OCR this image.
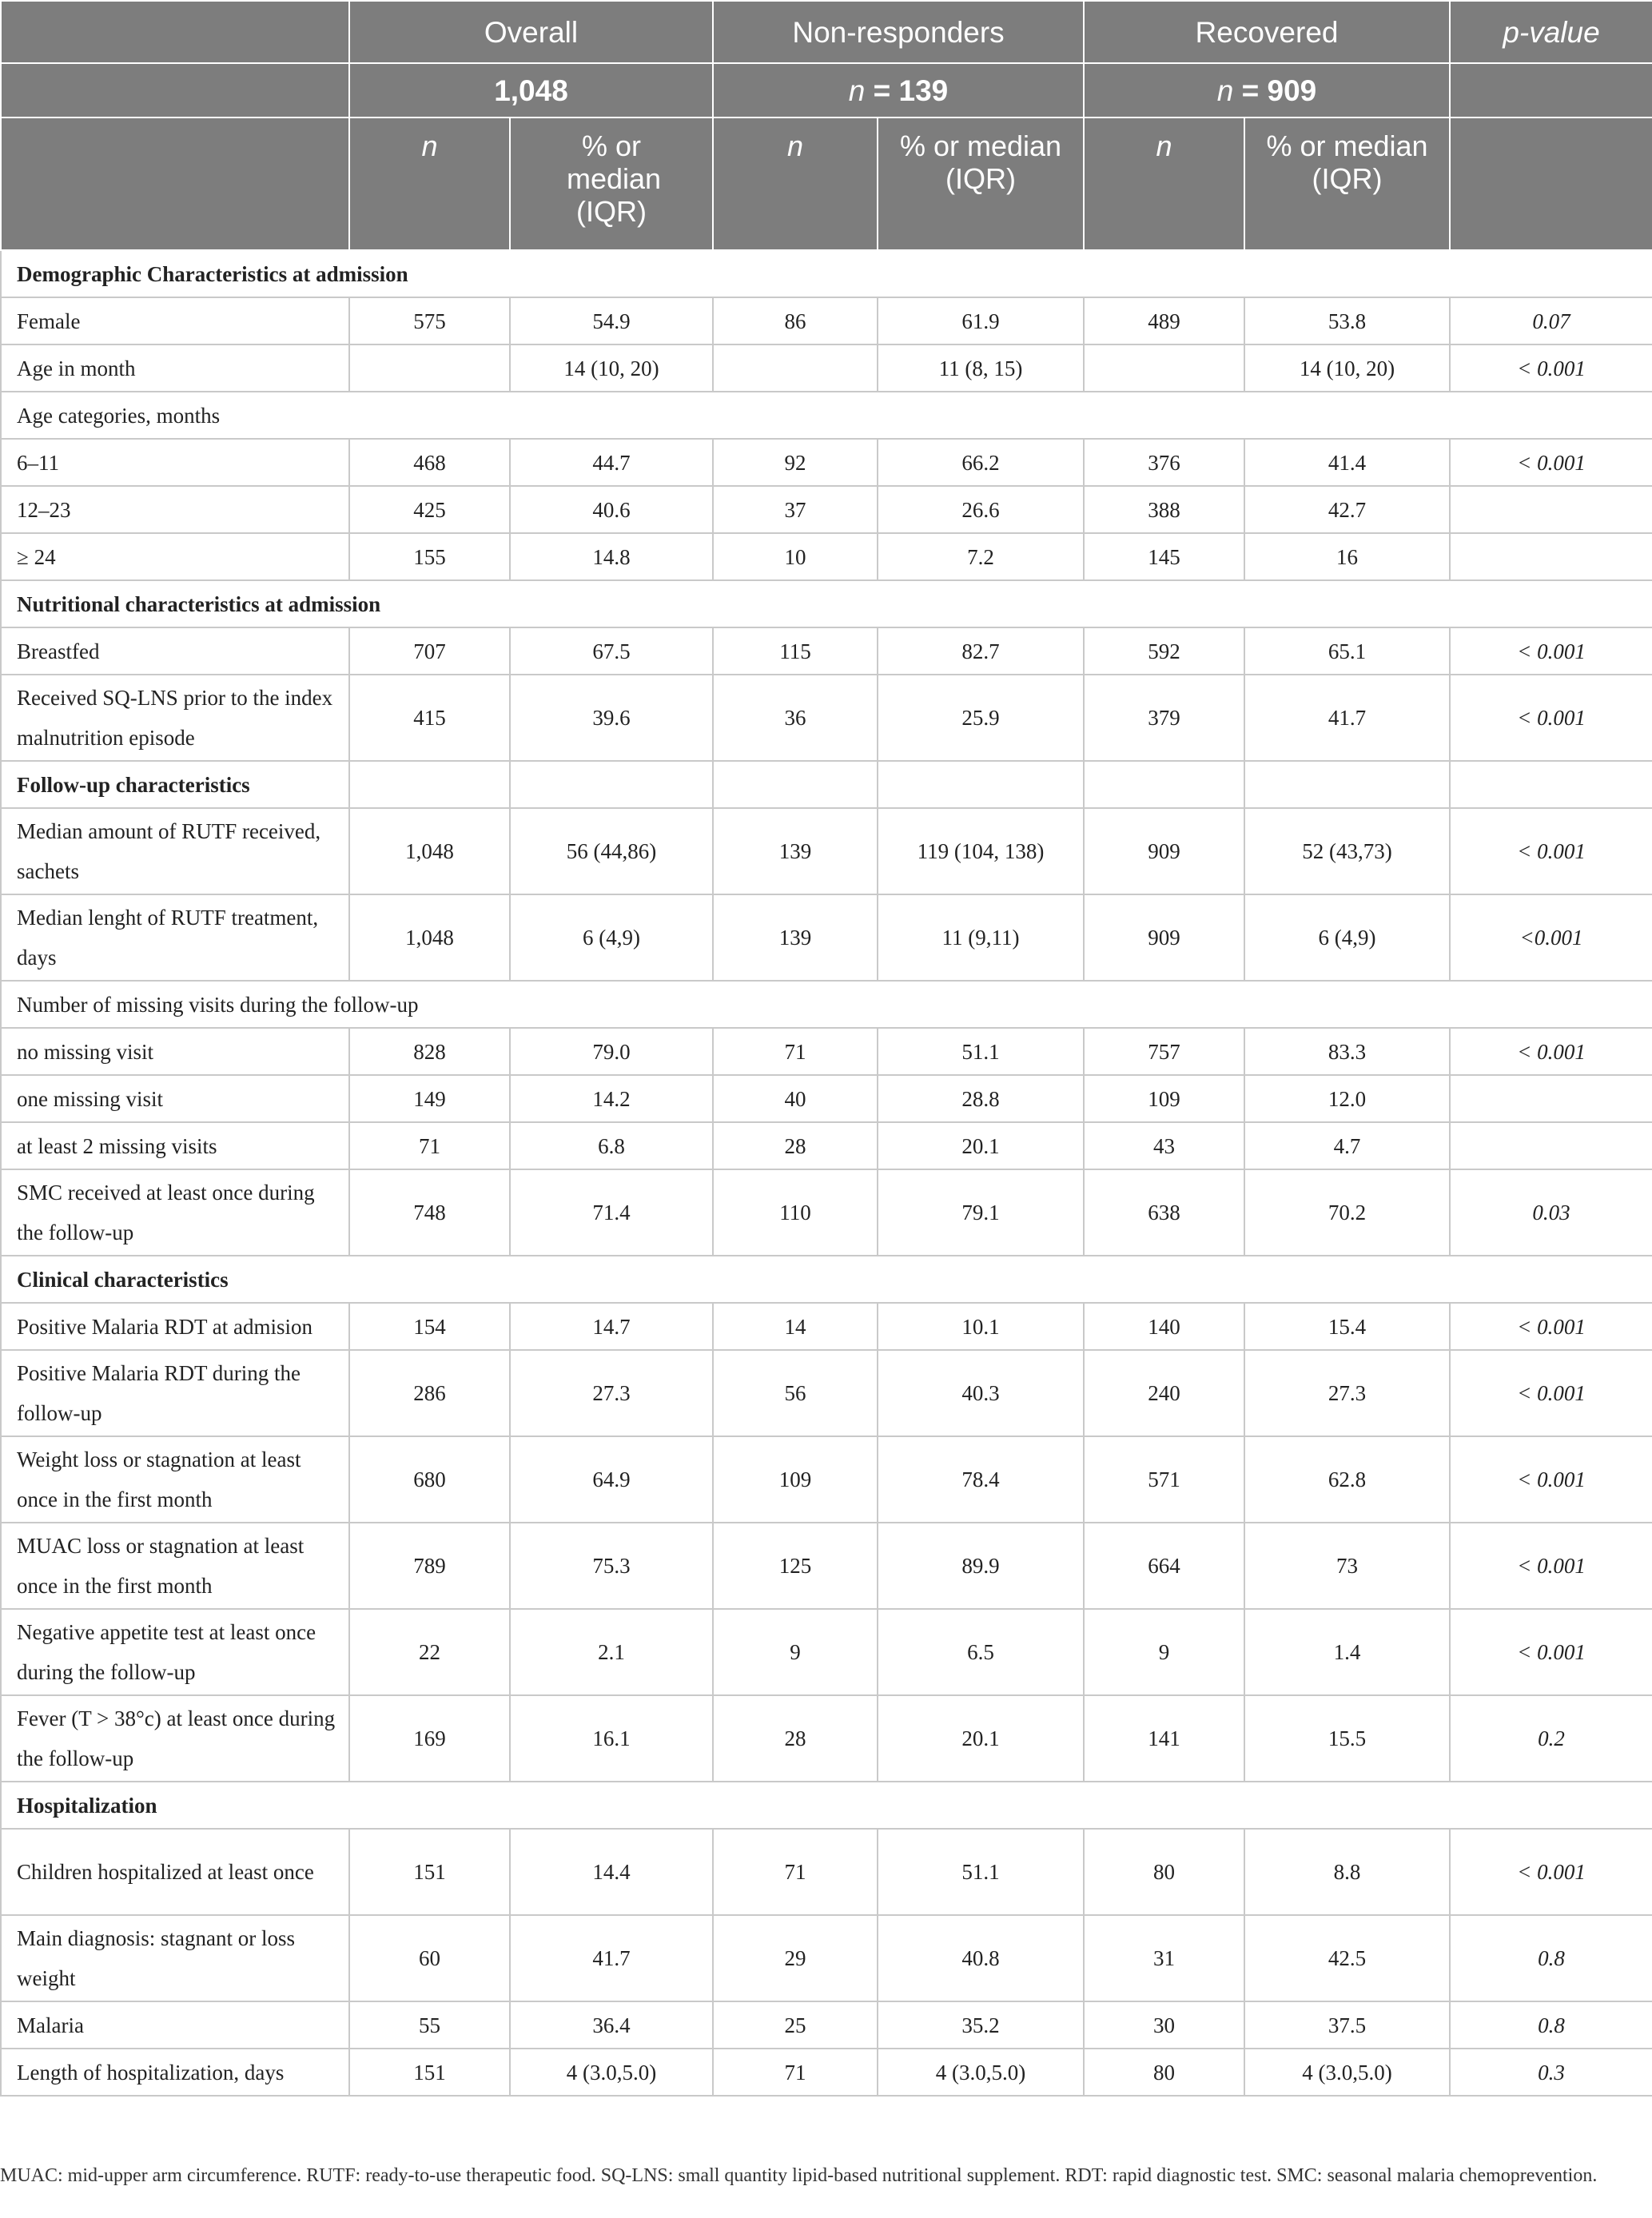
	Overall		Non-responders		Recovered		p-value
	1,048		n = 139		n = 909		
	n	% or median (IQR)	n	% or median (IQR)	n	% or median (IQR)	
Demographic Characteristics at admission							
Female	575	54.9	86	61.9	489	53.8	0.07
Age in month		14 (10, 20)		11 (8, 15)		14 (10, 20)	< 0.001
Age categories, months							
6–11	468	44.7	92	66.2	376	41.4	< 0.001
12–23	425	40.6	37	26.6	388	42.7	
≥ 24	155	14.8	10	7.2	145	16	
Nutritional characteristics at admission							
Breastfed	707	67.5	115	82.7	592	65.1	< 0.001
Received SQ-LNS prior to the index malnutrition episode	415	39.6	36	25.9	379	41.7	< 0.001
Follow-up characteristics							
Median amount of RUTF received, sachets	1,048	56 (44,86)	139	119 (104, 138)	909	52 (43,73)	< 0.001
Median lenght of RUTF treatment, days	1,048	6 (4,9)	139	11 (9,11)	909	6 (4,9)	<0.001
Number of missing visits during the follow-up							
no missing visit	828	79.0	71	51.1	757	83.3	< 0.001
one missing visit	149	14.2	40	28.8	109	12.0	
at least 2 missing visits	71	6.8	28	20.1	43	4.7	
SMC received at least once during the follow-up	748	71.4	110	79.1	638	70.2	0.03
Clinical characteristics							
Positive Malaria RDT at admision	154	14.7	14	10.1	140	15.4	< 0.001
Positive Malaria RDT during the follow-up	286	27.3	56	40.3	240	27.3	< 0.001
Weight loss or stagnation at least once in the first month	680	64.9	109	78.4	571	62.8	< 0.001
MUAC loss or stagnation at least once in the first month	789	75.3	125	89.9	664	73	< 0.001
Negative appetite test at least once during the follow-up	22	2.1	9	6.5	9	1.4	< 0.001
Fever (T > 38°c) at least once during the follow-up	169	16.1	28	20.1	141	15.5	0.2
Hospitalization							
Children hospitalized at least once	151	14.4	71	51.1	80	8.8	< 0.001
Main diagnosis: stagnant or loss weight	60	41.7	29	40.8	31	42.5	0.8
Malaria	55	36.4	25	35.2	30	37.5	0.8
Length of hospitalization, days	151	4 (3.0,5.0)	71	4 (3.0,5.0)	80	4 (3.0,5.0)	0.3
MUAC: mid-upper arm circumference. RUTF: ready-to-use therapeutic food. SQ-LNS: small quantity lipid-based nutritional supplement. RDT: rapid diagnostic test. SMC: seasonal malaria chemoprevention.
